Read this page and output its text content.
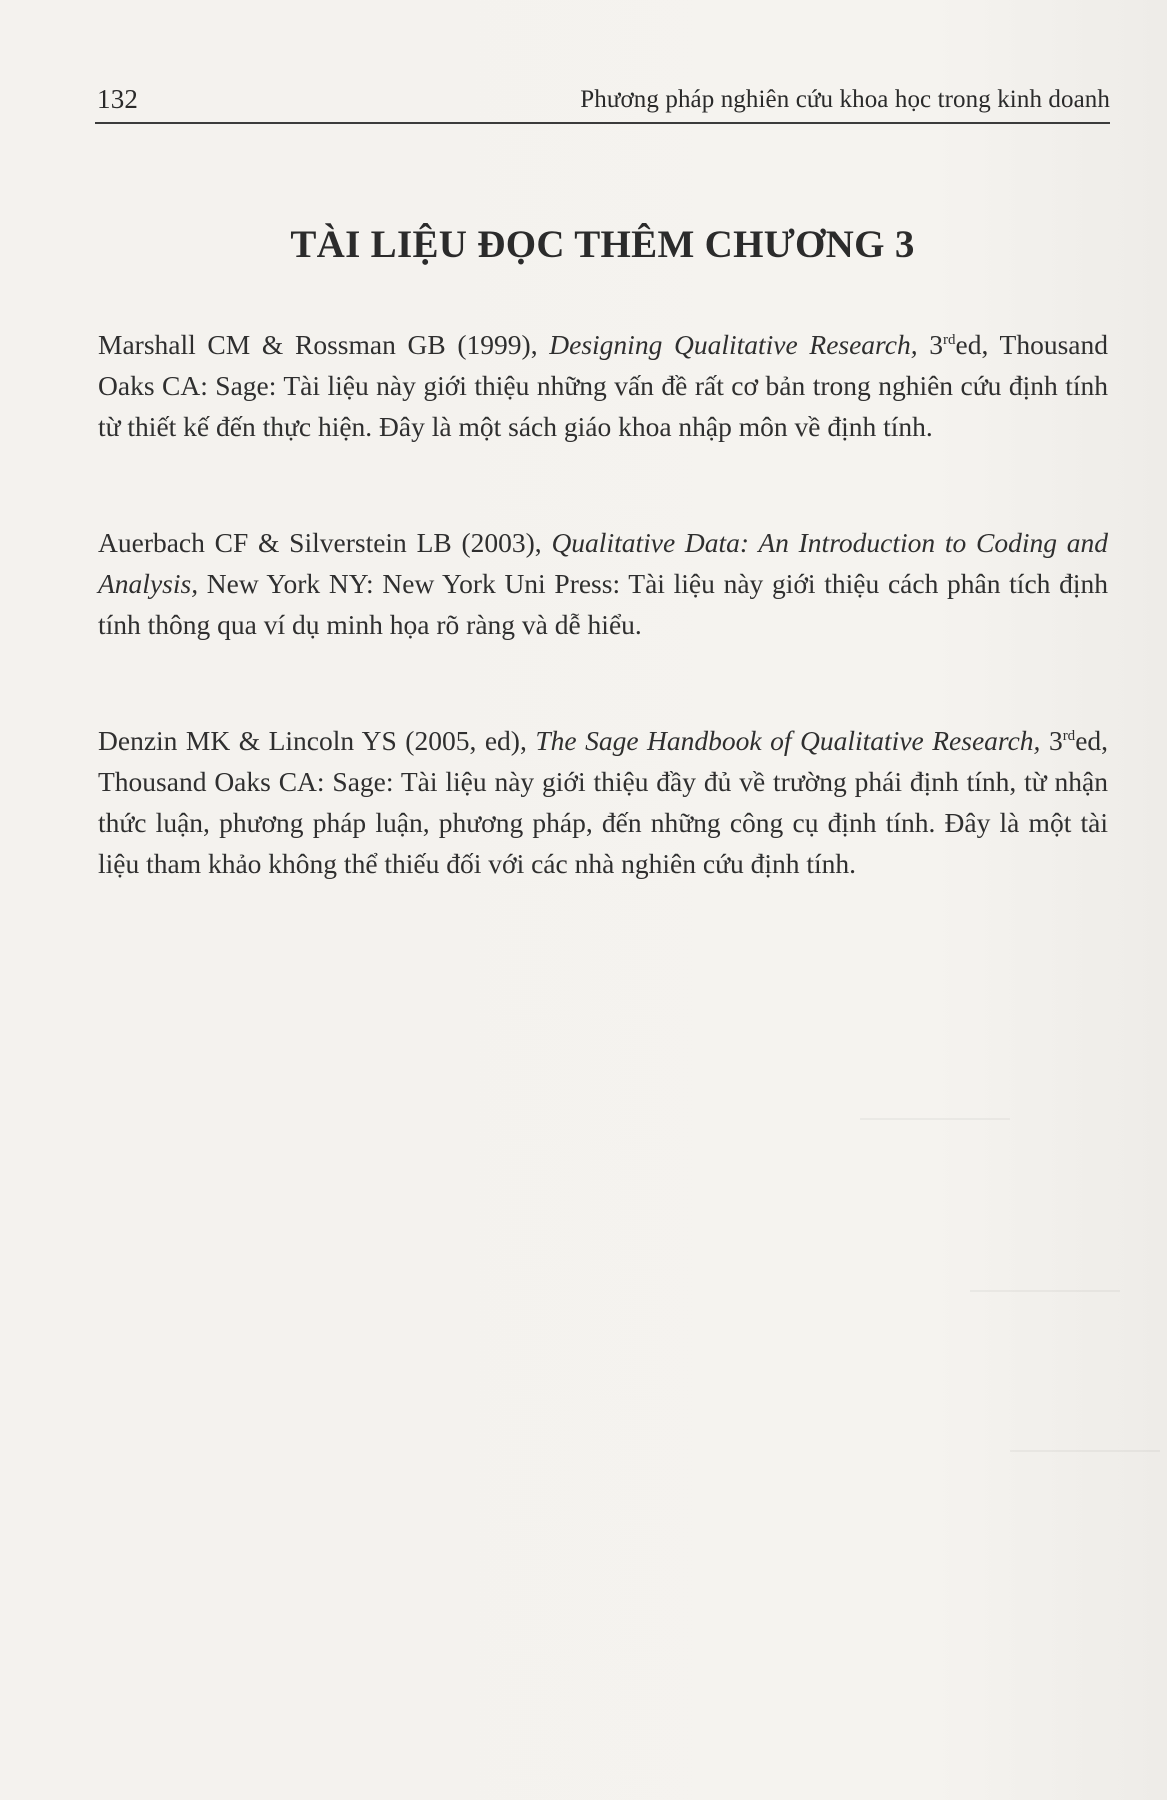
132	Phương pháp nghiên cứu khoa học trong kinh doanh
TÀI LIỆU ĐỌC THÊM CHƯƠNG 3

Marshall CM & Rossman GB (1999), Designing Qualitative Research, 3rded, Thousand Oaks CA: Sage: Tài liệu này giới thiệu những vấn đề rất cơ bản trong nghiên cứu định tính từ thiết kế đến thực hiện. Đây là một sách giáo khoa nhập môn về định tính.

Auerbach CF & Silverstein LB (2003), Qualitative Data: An Introduction to Coding and Analysis, New York NY: New York Uni Press: Tài liệu này giới thiệu cách phân tích định tính thông qua ví dụ minh họa rõ ràng và dễ hiểu.

Denzin MK & Lincoln YS (2005, ed), The Sage Handbook of Qualitative Research, 3rded, Thousand Oaks CA: Sage: Tài liệu này giới thiệu đầy đủ về trường phái định tính, từ nhận thức luận, phương pháp luận, phương pháp, đến những công cụ định tính. Đây là một tài liệu tham khảo không thể thiếu đối với các nhà nghiên cứu định tính.
